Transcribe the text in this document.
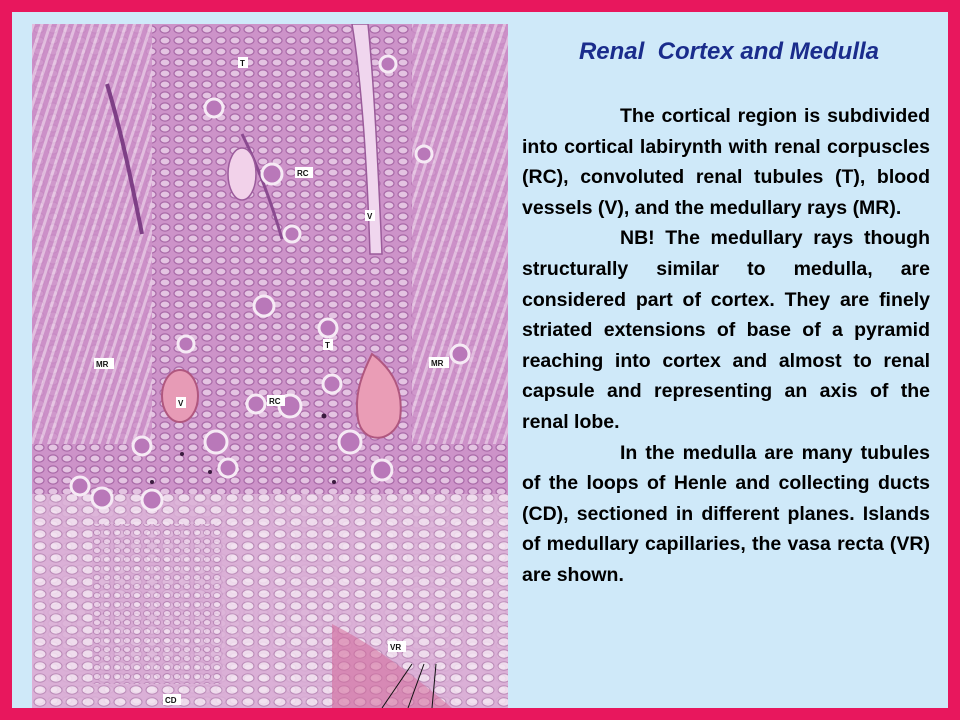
T
RC
V
MR
T
MR
V	RC
VR
CD
Renal  Cortex and Medulla

The cortical region is subdivided into cortical labirynth with renal corpuscles (RC), convoluted renal tubules (T), blood vessels (V), and the medullary rays (MR).

NB! The medullary rays though structurally similar to medulla, are considered part of cortex. They are finely striated extensions of base of a pyramid reaching into cortex and almost to renal capsule and representing an axis of the renal lobe.

In the medulla are many tubules of the loops of Henle and collecting ducts (CD), sectioned in different planes. Islands of medullary capillaries, the vasa recta (VR) are shown.
